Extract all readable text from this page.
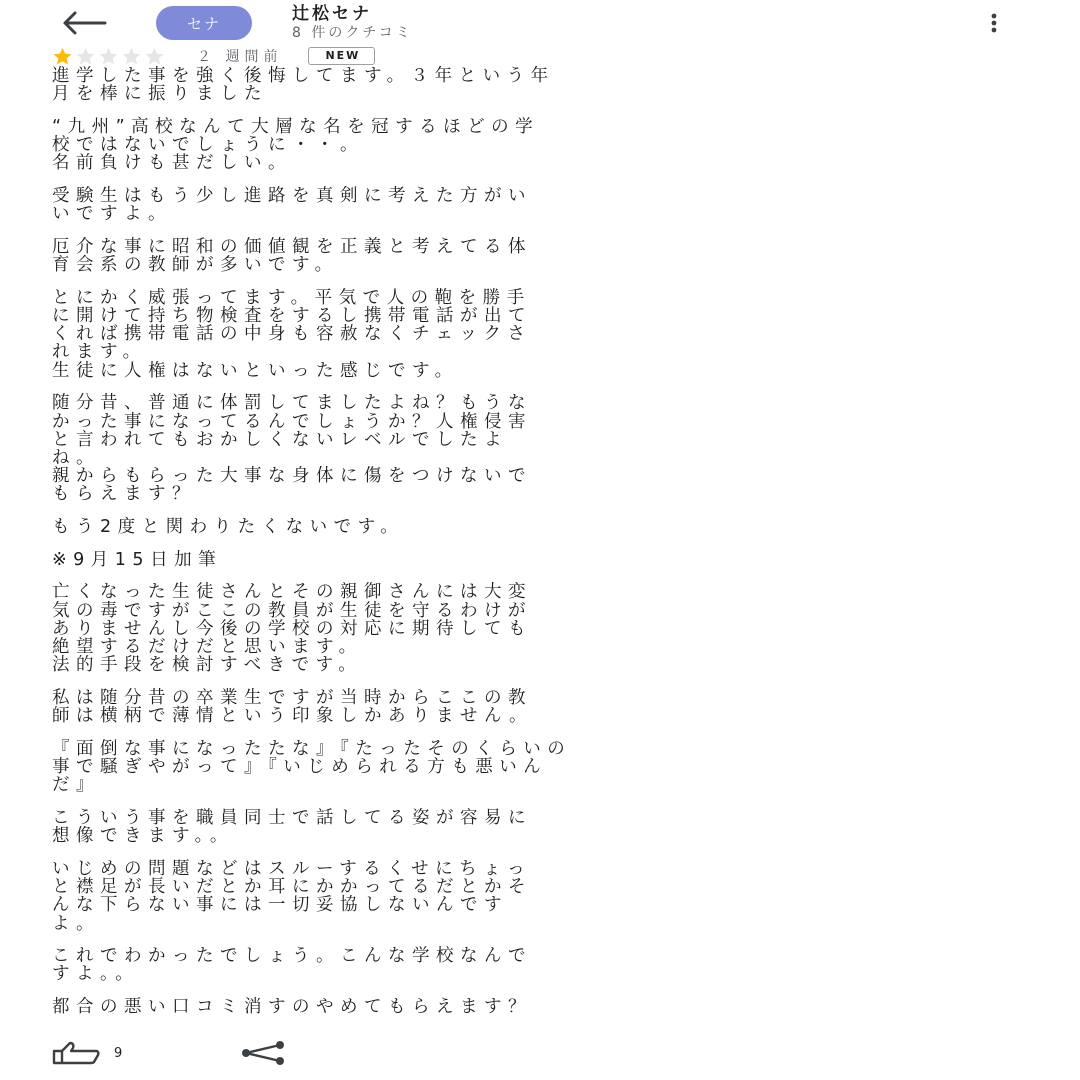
セナ	辻松セナ
8 件のクチコミ
２ 週間前	NEW

進学した事を強く後悔してます。３年という年
月を棒に振りました

“九州”高校なんて大層な名を冠するほどの学
校ではないでしょうに・・。
名前負けも甚だしい。

受験生はもう少し進路を真剣に考えた方がい
いですよ。

厄介な事に昭和の価値観を正義と考えてる体
育会系の教師が多いです。

とにかく威張ってます。平気で人の鞄を勝手
に開けて持ち物検査をするし携帯電話が出て
くれば携帯電話の中身も容赦なくチェックさ
れます。
生徒に人権はないといった感じです。

随分昔、普通に体罰してましたよね？もうな
かった事になってるんでしょうか？人権侵害
と言われてもおかしくないレベルでしたよ
ね。
親からもらった大事な身体に傷をつけないで
もらえます？

もう2度と関わりたくないです。

※9月15日加筆

亡くなった生徒さんとその親御さんには大変
気の毒ですがここの教員が生徒を守るわけが
ありませんし今後の学校の対応に期待しても
絶望するだけだと思います。
法的手段を検討すべきです。

私は随分昔の卒業生ですが当時からここの教
師は横柄で薄情という印象しかありません。

『面倒な事になったたな』『たったそのくらいの
事で騒ぎやがって』『いじめられる方も悪いん
だ』

こういう事を職員同士で話してる姿が容易に
想像できます。。

いじめの問題などはスルーするくせにちょっ
と襟足が長いだとか耳にかかってるだとかそ
んな下らない事には一切妥協しないんです
よ。

これでわかったでしょう。こんな学校なんで
すよ。。

都合の悪い口コミ消すのやめてもらえます？

9
